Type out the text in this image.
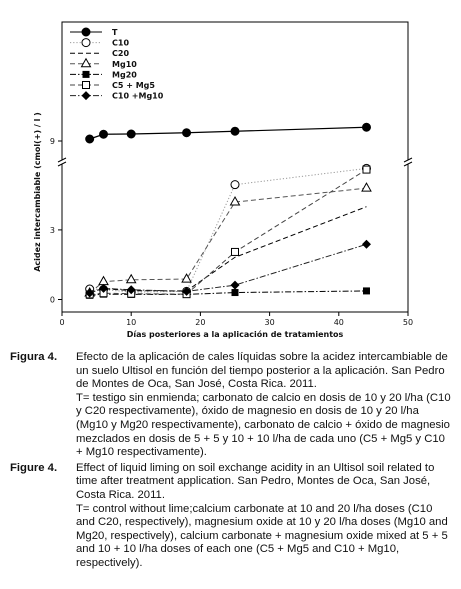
T
C10
C20
Mg10
Mg20
C5 + Mg5
C10 +Mg10
0	10	20	30	40	50
0
3
9
Acidez intercambiable (cmol(+) / l )
Días posteriores a la aplicación de tratamientos
Figura 4.	Efecto de la aplicación de cales líquidas sobre la acidez intercambiable de un suelo Ultisol en función del tiempo posterior a la aplicación. San Pedro de Montes de Oca, San José, Costa Rica. 2011.

T= testigo sin enmienda; carbonato de calcio en dosis de 10 y 20 l/ha (C10 y C20 respectivamente), óxido de magnesio en dosis de 10 y 20 l/ha (Mg10 y Mg20 respectivamente), carbonato de calcio + óxido de magnesio mezclados en dosis de 5 + 5 y 10 + 10 l/ha de cada uno (C5 + Mg5 y C10 + Mg10 respectivamente).

Figure 4.	Effect of liquid liming on soil exchange acidity in an Ultisol soil related to time after treatment application. San Pedro, Montes de Oca, San José, Costa Rica. 2011.

T= control without lime;calcium carbonate at 10 and 20 l/ha doses (C10 and C20, respectively), magnesium oxide at 10 y 20 l/ha doses (Mg10 and Mg20, respectively), calcium carbonate + magnesium oxide mixed at 5 + 5 and 10 + 10 l/ha doses of each one (C5 + Mg5 and C10 + Mg10, respectively).
